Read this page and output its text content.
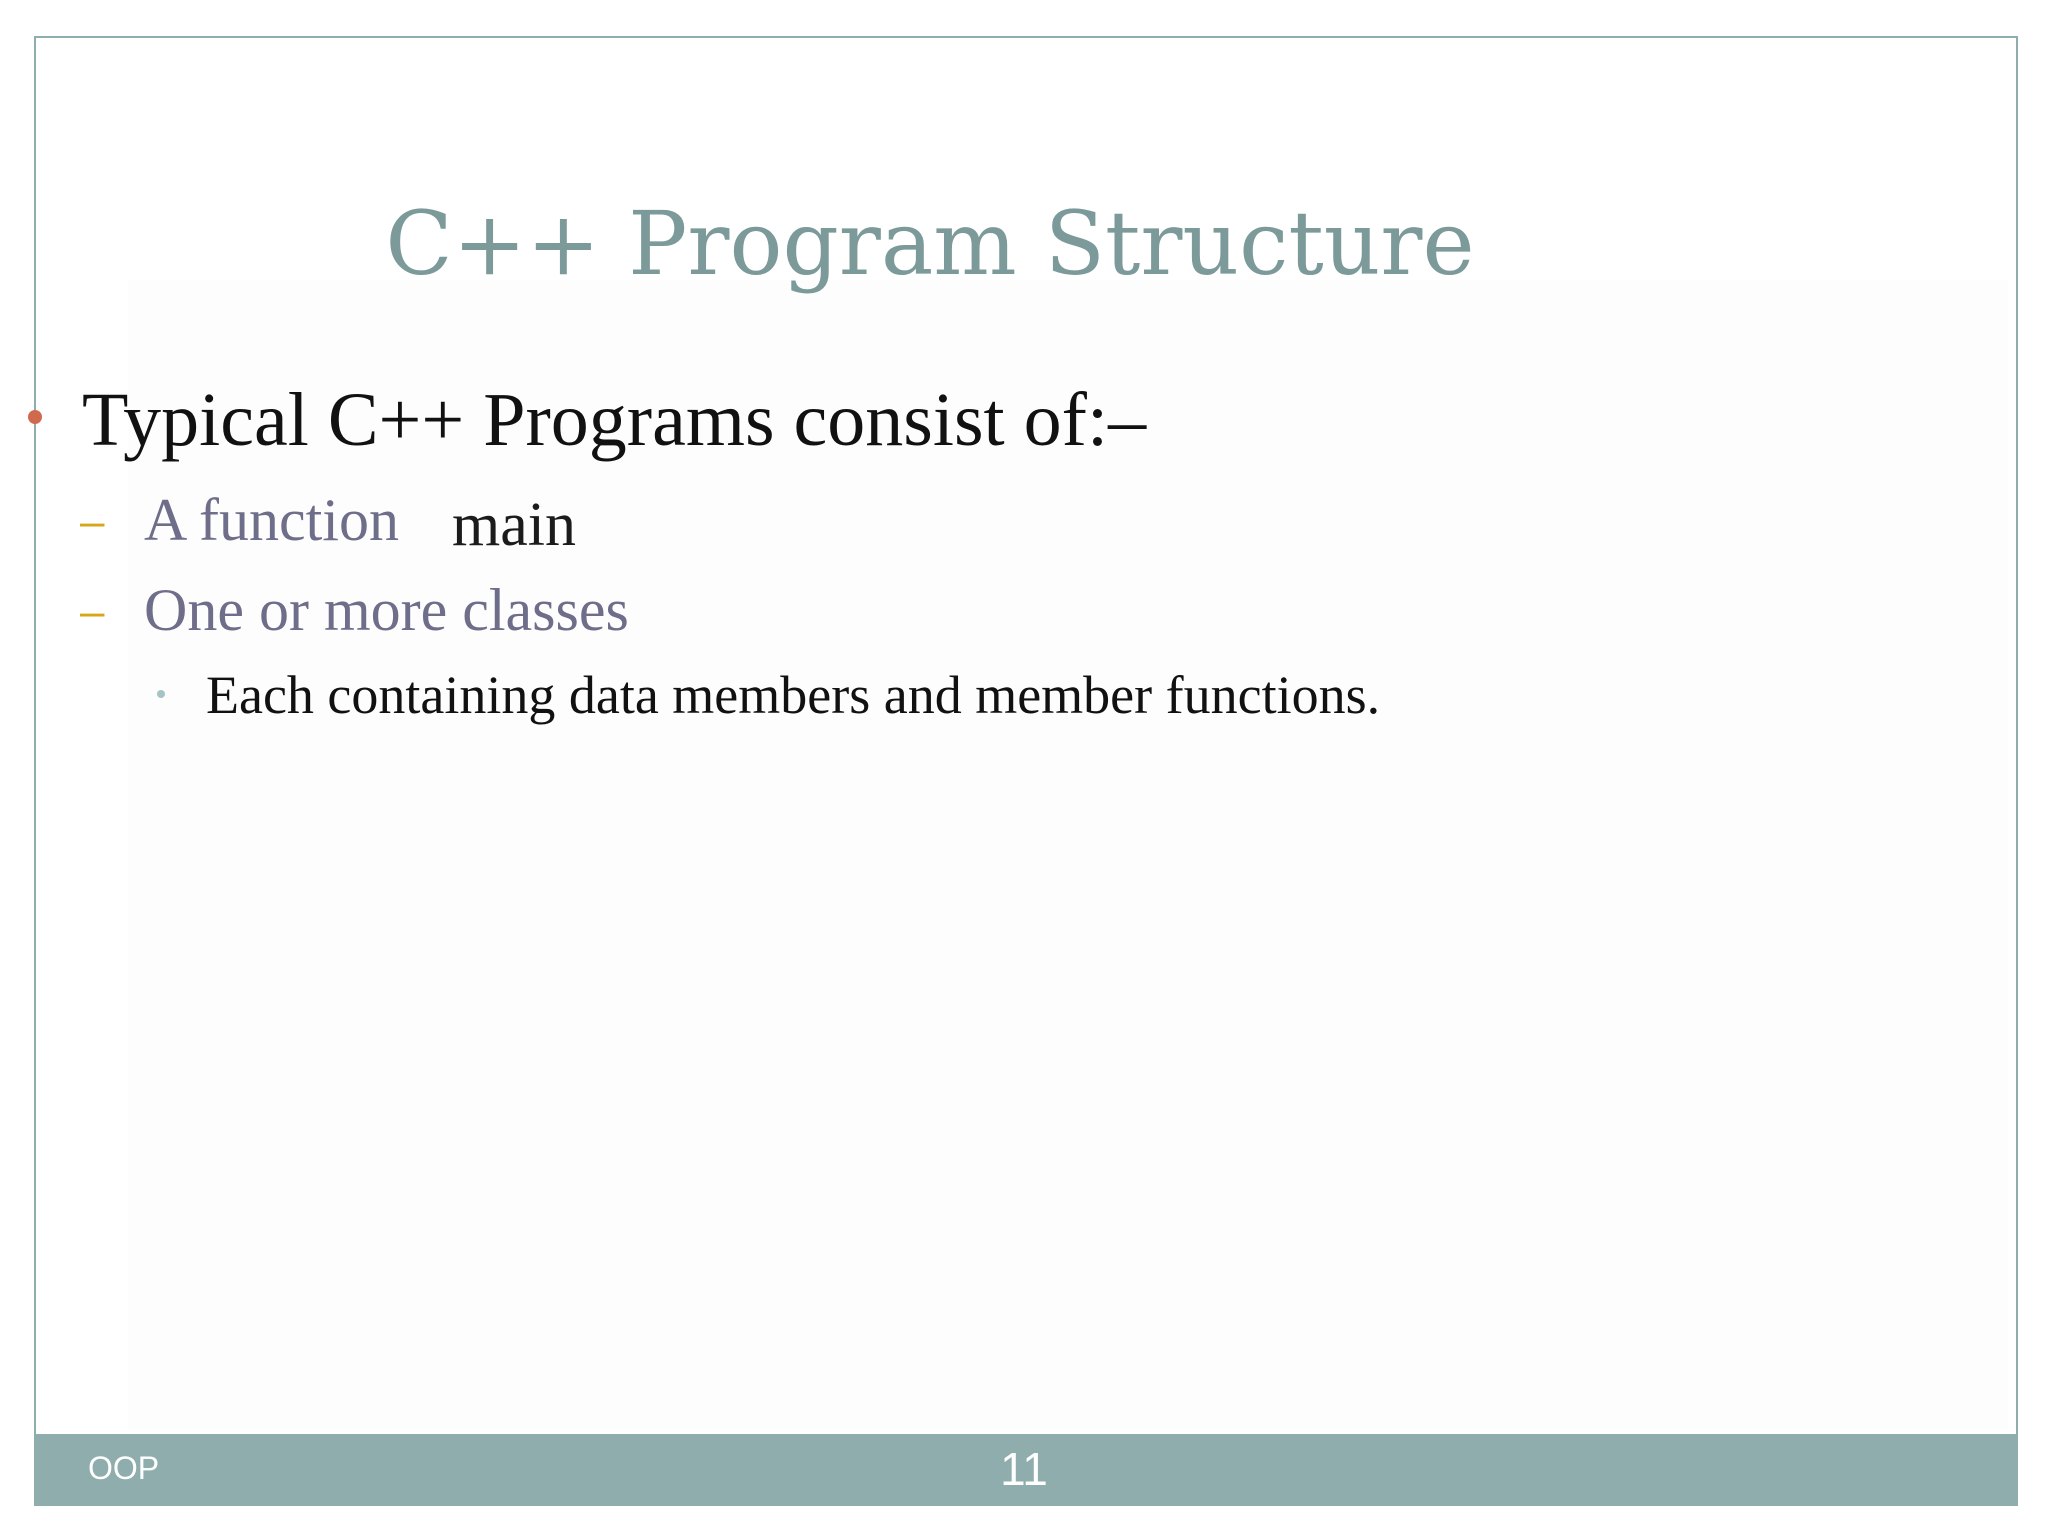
C++ Program Structure
Typical C++ Programs consist of:–
– A function main
– One or more classes
Each containing data members and member functions.
OOP	11
